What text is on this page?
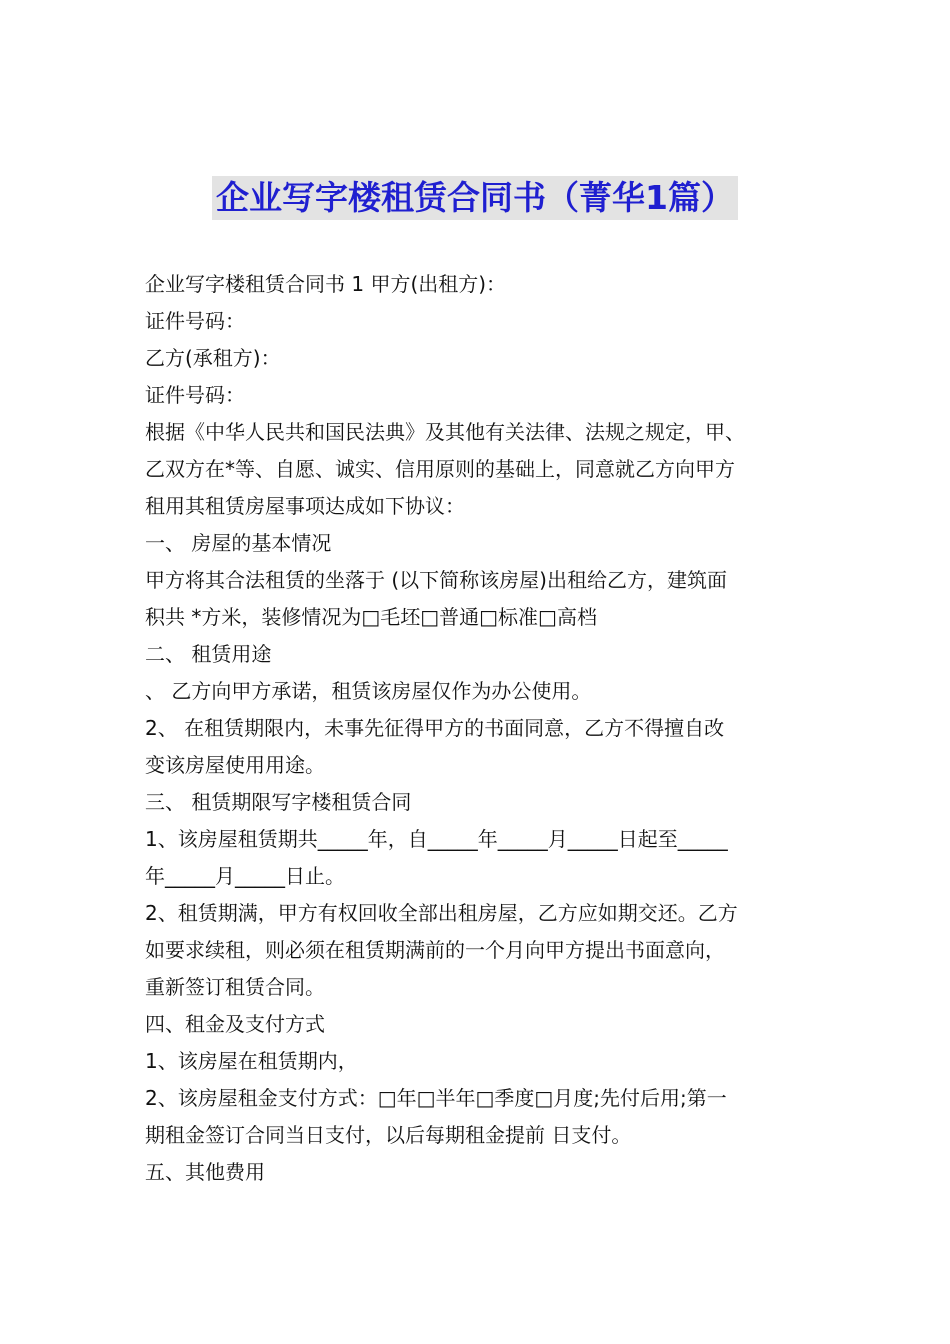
企业写字楼租赁合同书（菁华1篇）

企业写字楼租赁合同书 1 甲方(出租方)：

证件号码：

乙方(承租方)：

证件号码：

根据《中华人民共和国民法典》及其他有关法律、法规之规定，甲、

乙双方在*等、自愿、诚实、信用原则的基础上，同意就乙方向甲方

租用其租赁房屋事项达成如下协议：

一、 房屋的基本情况

甲方将其合法租赁的坐落于 (以下简称该房屋)出租给乙方，建筑面

积共 *方米，装修情况为□毛坯□普通□标准□高档

二、 租赁用途

、 乙方向甲方承诺，租赁该房屋仅作为办公使用。

2、 在租赁期限内，未事先征得甲方的书面同意，乙方不得擅自改

变该房屋使用用途。

三、 租赁期限写字楼租赁合同

1、该房屋租赁期共_____年，自_____年_____月_____日起至_____

年_____月_____日止。

2、租赁期满，甲方有权回收全部出租房屋，乙方应如期交还。乙方

如要求续租，则必须在租赁期满前的一个月向甲方提出书面意向，

重新签订租赁合同。

四、租金及支付方式

1、该房屋在租赁期内，

2、该房屋租金支付方式：□年□半年□季度□月度;先付后用;第一

期租金签订合同当日支付，以后每期租金提前 日支付。

五、其他费用
